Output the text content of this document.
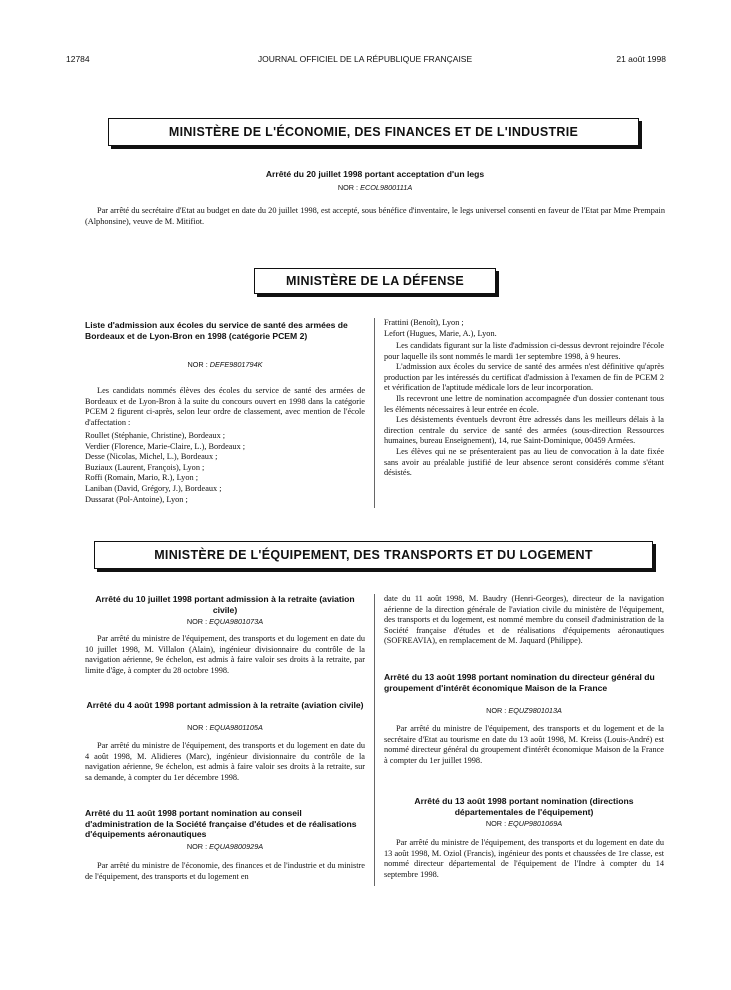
12784	JOURNAL OFFICIEL DE LA RÉPUBLIQUE FRANÇAISE	21 août 1998
MINISTÈRE DE L'ÉCONOMIE, DES FINANCES ET DE L'INDUSTRIE
Arrêté du 20 juillet 1998 portant acceptation d'un legs
NOR : ECOL9800111A

Par arrêté du secrétaire d'Etat au budget en date du 20 juillet 1998, est accepté, sous bénéfice d'inventaire, le legs universel consenti en faveur de l'Etat par Mme Prempain (Alphonsine), veuve de M. Mitifiot.

MINISTÈRE DE LA DÉFENSE
Liste d'admission aux écoles du service de santé des armées de Bordeaux et de Lyon-Bron en 1998 (catégorie PCEM 2)
NOR : DEFE9801794K

Les candidats nommés élèves des écoles du service de santé des armées de Bordeaux et de Lyon-Bron à la suite du concours ouvert en 1998 dans la catégorie PCEM 2 figurent ci-après, selon leur ordre de classement, avec mention de l'école d'affectation :

Roullet (Stéphanie, Christine), Bordeaux ;
Verdier (Florence, Marie-Claire, L.), Bordeaux ;
Desse (Nicolas, Michel, L.), Bordeaux ;
Buziaux (Laurent, François), Lyon ;
Roffi (Romain, Mario, R.), Lyon ;
Laniban (David, Grégory, J.), Bordeaux ;
Dussarat (Pol-Antoine), Lyon ;
Frattini (Benoît), Lyon ;
Lefort (Hugues, Marie, A.), Lyon.

Les candidats figurant sur la liste d'admission ci-dessus devront rejoindre l'école pour laquelle ils sont nommés le mardi 1er septembre 1998, à 9 heures.

L'admission aux écoles du service de santé des armées n'est définitive qu'après production par les intéressés du certificat d'admission à l'examen de fin de PCEM 2 et vérification de l'aptitude médicale lors de leur incorporation.

Ils recevront une lettre de nomination accompagnée d'un dossier contenant tous les éléments nécessaires à leur entrée en école.

Les désistements éventuels devront être adressés dans les meilleurs délais à la direction centrale du service de santé des armées (sous-direction Ressources humaines, bureau Enseignement), 14, rue Saint-Dominique, 00459 Armées.

Les élèves qui ne se présenteraient pas au lieu de convocation à la date fixée sans avoir au préalable justifié de leur absence seront considérés comme s'étant désistés.

MINISTÈRE DE L'ÉQUIPEMENT, DES TRANSPORTS ET DU LOGEMENT
Arrêté du 10 juillet 1998 portant admission à la retraite (aviation civile)
NOR : EQUA9801073A

Par arrêté du ministre de l'équipement, des transports et du logement en date du 10 juillet 1998, M. Villalon (Alain), ingénieur divisionnaire du contrôle de la navigation aérienne, 9e échelon, est admis à faire valoir ses droits à la retraite, par limite d'âge, à compter du 28 octobre 1998.

Arrêté du 4 août 1998 portant admission à la retraite (aviation civile)
NOR : EQUA9801105A

Par arrêté du ministre de l'équipement, des transports et du logement en date du 4 août 1998, M. Alidieres (Marc), ingénieur divisionnaire du contrôle de la navigation aérienne, 9e échelon, est admis à faire valoir ses droits à la retraite, sur sa demande, à compter du 1er décembre 1998.

Arrêté du 11 août 1998 portant nomination au conseil d'administration de la Société française d'études et de réalisations d'équipements aéronautiques
NOR : EQUA9800929A

Par arrêté du ministre de l'économie, des finances et de l'industrie et du ministre de l'équipement, des transports et du logement en

date du 11 août 1998, M. Baudry (Henri-Georges), directeur de la navigation aérienne de la direction générale de l'aviation civile du ministère de l'équipement, des transports et du logement, est nommé membre du conseil d'administration de la Société française d'études et de réalisations d'équipements aéronautiques (SOFREAVIA), en remplacement de M. Jaquard (Philippe).

Arrêté du 13 août 1998 portant nomination du directeur général du groupement d'intérêt économique Maison de la France
NOR : EQUZ9801013A

Par arrêté du ministre de l'équipement, des transports et du logement et de la secrétaire d'Etat au tourisme en date du 13 août 1998, M. Kreiss (Louis-André) est nommé directeur général du groupement d'intérêt économique Maison de la France à compter du 1er juillet 1998.

Arrêté du 13 août 1998 portant nomination (directions départementales de l'équipement)
NOR : EQUP9801069A

Par arrêté du ministre de l'équipement, des transports et du logement en date du 13 août 1998, M. Oziol (Francis), ingénieur des ponts et chaussées de 1re classe, est nommé directeur départemental de l'équipement de l'Indre à compter du 14 septembre 1998.
